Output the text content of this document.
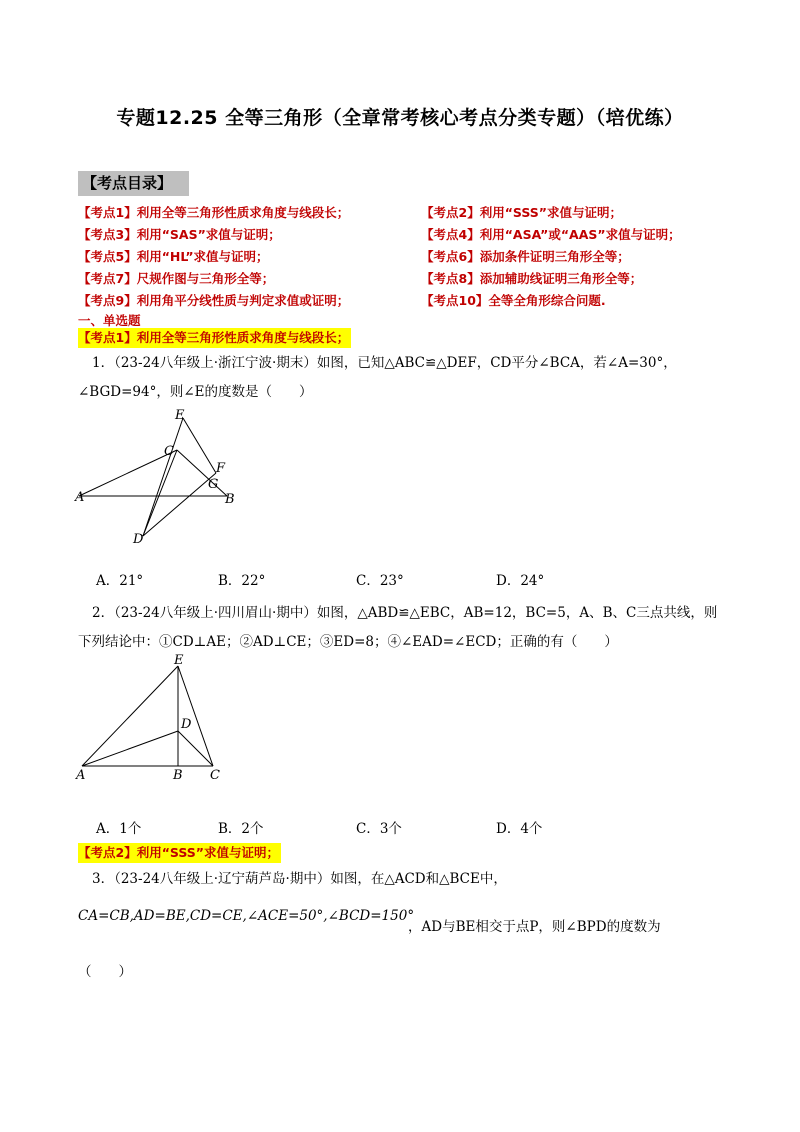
专题12.25 全等三角形（全章常考核心考点分类专题）（培优练）
【考点目录】
【考点1】利用全等三角形性质求角度与线段长；	【考点2】利用“SSS”求值与证明；
【考点3】利用“SAS”求值与证明；	【考点4】利用“ASA”或“AAS”求值与证明；
【考点5】利用“HL”求值与证明；	【考点6】添加条件证明三角形全等；
【考点7】尺规作图与三角形全等；	【考点8】添加辅助线证明三角形全等；
【考点9】利用角平分线性质与判定求值或证明；	【考点10】全等全角形综合问题.
一、单选题
【考点1】利用全等三角形性质求角度与线段长；
1．（23-24八年级上·浙江宁波·期末）如图，已知△ABC≌△DEF，CD平分∠BCA，若∠A=30°，
∠BGD=94°，则∠E的度数是（　　）
E
C
F
G
A	B
D
A．21°	B．22°	C．23°	D．24°
2．（23-24八年级上·四川眉山·期中）如图，△ABD≌△EBC，AB=12，BC=5，A、B、C三点共线，则
下列结论中：①CD⊥AE；②AD⊥CE；③ED=8；④∠EAD=∠ECD；正确的有（　　）
E
D
A	B C
A．1个	B．2个	C．3个	D．4个
【考点2】利用“SSS”求值与证明；
3．（23-24八年级上·辽宁葫芦岛·期中）如图，在△ACD和△BCE中，
CA=CB,AD=BE,CD=CE,∠ACE=50°,∠BCD=150°
，AD与BE相交于点P，则∠BPD的度数为
（　　）
